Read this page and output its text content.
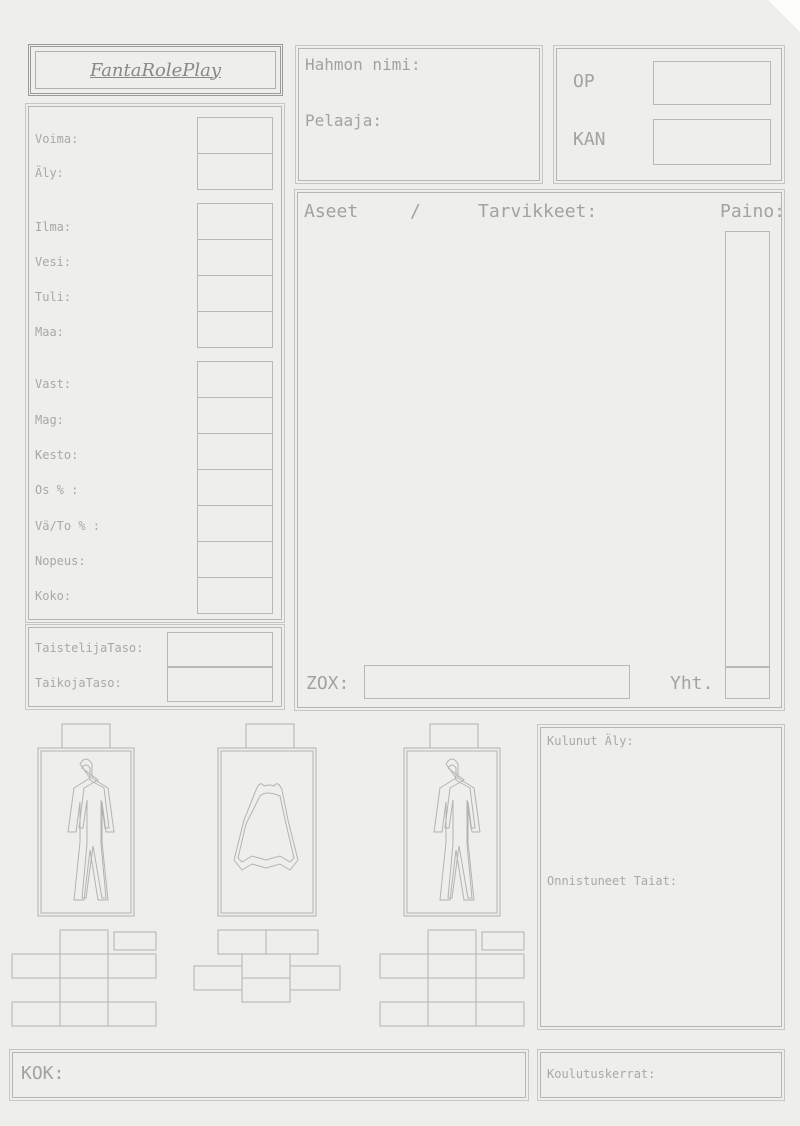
FantaRolePlay	Hahmon nimi:
Pelaaja:
OP
KAN
Voima:
Äly:
Ilma:
Vesi:
Tuli:
Maa:
Vast:
Mag:
Kesto:
Os % :
Vä/To % :
Nopeus:
Koko:
TaistelijaTaso:
TaikojaTaso:
Aseet	/	Tarvikkeet:	Paino:
ZOX:	Yht.
Kulunut Äly:
Onnistuneet Taiat:
KOK:	Koulutuskerrat:
